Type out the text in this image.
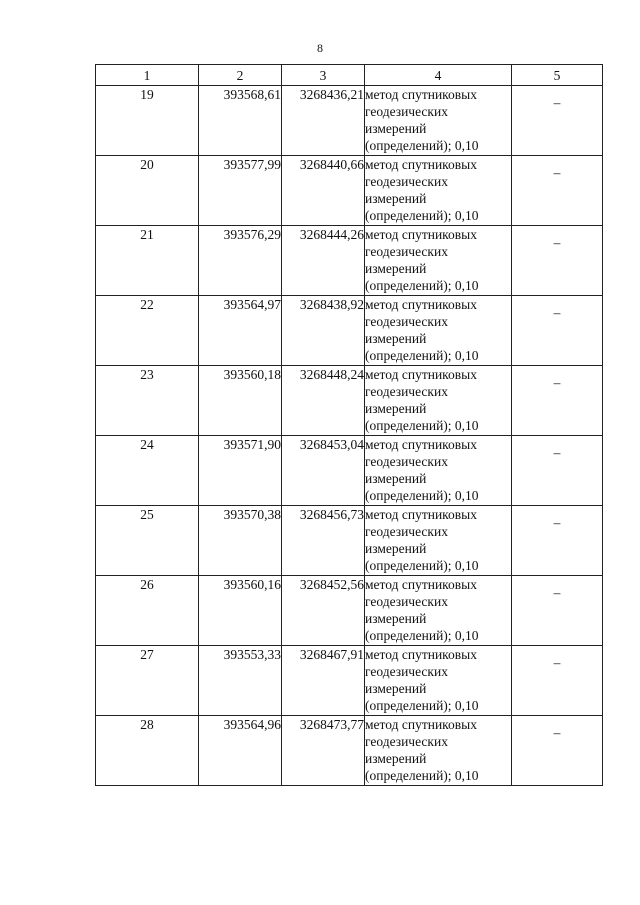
8
1	2	3	4	5
19	393568,61	3268436,21	метод спутниковых
геодезических
измерений
(определений); 0,10	–
20	393577,99	3268440,66	метод спутниковых
геодезических
измерений
(определений); 0,10	–
21	393576,29	3268444,26	метод спутниковых
геодезических
измерений
(определений); 0,10	–
22	393564,97	3268438,92	метод спутниковых
геодезических
измерений
(определений); 0,10	–
23	393560,18	3268448,24	метод спутниковых
геодезических
измерений
(определений); 0,10	–
24	393571,90	3268453,04	метод спутниковых
геодезических
измерений
(определений); 0,10	–
25	393570,38	3268456,73	метод спутниковых
геодезических
измерений
(определений); 0,10	–
26	393560,16	3268452,56	метод спутниковых
геодезических
измерений
(определений); 0,10	–
27	393553,33	3268467,91	метод спутниковых
геодезических
измерений
(определений); 0,10	–
28	393564,96	3268473,77	метод спутниковых
геодезических
измерений
(определений); 0,10	–
